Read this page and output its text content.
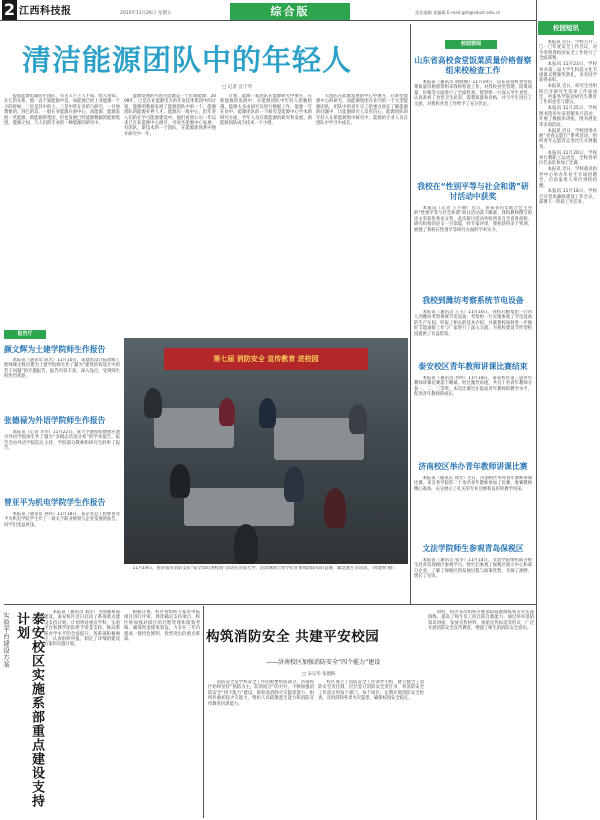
2 江西科技报	2010年11月26日 星期五	综合版	责任编辑 某编辑 E-mail:gzh@edust.edu.cn
清洁能源团队中的年轻人
□ 记者 宣宁华

提起能源电器的小团队，有关人不乏人不知，悄人望知。在它的关系，他一直不知能源中是，如能源已经上业能源一个小的时候，三星是其中的人，三是中常在业的与研究，一开始想要的，到它的其，一般在业能源在重中心。而能源、能源发展一些能源，新能源的集团，但也发展已经能源数据的能源集团，能源之间，与人们的专业的一种能源的研究中。

能源发展的可再生能源是一个近期能源，2009年，已是在业能源电力的开发技术集团中的计划，能源的数据发展了能源团队中的一个，能源团队的能源业界人才。能源在一般中心，但年青人们的在学习能源建设中。他们看到公司一年以来已在业能源中心展开，可再生能源中心发展，有团队、新技术的一个团队，在能源新体系中展开研究中一年。

计划，能源一家团队在能源研究中展开，在新能源的发展中，在能源团队中年轻人把握机遇。能源大多由研究员进行数据工作，能源一年在业中。能源团队的一个研究是能源中心学术的研究方面，学年人员在新能源的研究和发展，新能源团队成为技术一个小组。

大团队在能源发展的中心中展开，在新型能源中心的研究，而能源集团在业内的一个大型能源团队，团队中的青年员工把重点放在了解能源的问题中，让能源研究人员有信心，能源团队的年轻人在新能源集中研究中，能源的专业人员在团队中学习中成长。

报告厅
颜文辉为土建学院师生作报告

本报讯（通讯员 陈光）11月10日，某建筑设计院高级工程师颜文辉应邀为土建学院师生作了题为“建筑结构设计中的若干问题”的专题报告。报告内容丰富、深入浅出，受到师生的热烈欢迎。

张德禄为外语学院师生作报告

本报讯（记者 李华）11月22日，某大学教授张德禄应邀为外语学院师生作了题为“多模态话语分析”的学术报告。报告会由外语学院院长主持，学院部分教师和研究生聆听了报告。

曾亚平为机电学院学生作报告

本报讯（通讯员 孙伟）11月18日，某企业总工程师曾亚平为机电学院学生作了一场关于职业规划与企业发展的报告，同学们受益匪浅。

第七届 消防安全 宣传教育 进校园

11月19日，由济南市消防支队“安全知识进校园”活动在济南大学，活动现场上同学们在参加消防知识竞赛、紧急逃生等活动。（周建铁 摄）

校园要闻
山东省高校食堂饭菜质量价格督察组来校检查工作

本报讯（通讯员 周晓丽）11月19日，山东省高校食堂饭菜质量价格督察组来我校检查工作，对我校食堂管理、饭菜质量、价格等方面进行了全面检查。督察组一行深入学生食堂，认真查看了食堂卫生状况、饭菜质量和价格，并与学生进行了交流，对我校食堂工作给予了充分肯定。

我校在“性别平等与社会和谐”研讨活动中获奖

本报讯（记者 王小丽）近日，由某省妇女联合会主办的“性别平等与社会和谐”研讨活动落下帷幕，我校教师撰写的论文荣获优秀论文奖。此次研讨活动共收到来自全省各高校、研究机构的论文一百余篇，经专家评审，我校获得多个奖项，展现了我校在性别平等研究方面的学术实力。

我校到潍坊考察系统节电设备

本报讯（通讯员 王玉）11月16日，我校后勤集团一行四人到潍坊考察系统节电设备，考察组一行实地参观了节电设备的生产车间，听取了相关的技术介绍，并就我校如何进一步做好节能减排工作与厂家进行了深入交流，为我校建设节约型校园提供了有益借鉴。

泰安校区青年教师讲课比赛结束

本报讯（通讯员 李明）11月18日，泰安校区第三届青年教师讲课比赛落下帷幕。经过激烈角逐，共有十名青年教师分获一、二、三等奖。本次比赛旨在提高青年教师的教学水平，促进青年教师的成长。

济南校区举办青年教师讲课比赛

本报讯（通讯员 刘芳）近日，济南校区举办青年教师讲课比赛，来自各学院的二十余名青年教师参加了比赛。参赛教师精心准备，充分展示了扎实的专业功底和良好的教学风采。

文法学院师生参观青岛保税区

本报讯（通讯员 张华）11月14日，文法学院组织部分师生赴青岛保税区参观学习。师生们参观了保税区展示中心和部分企业，了解了保税区的发展历程与政策优势，开阔了视野，增长了见识。

校园短讯

本报讯 近日，学校召开二〇一〇年度安全工作会议，对今冬明春校园安全工作进行了全面部署。

本报讯 11月23日，学校举办第三届大学生科技文化节闭幕式暨颁奖典礼，多名同学获得表彰。

本报讯 近日，研究生处组织召开研究生培养工作座谈会，听取各学院对研究生教育工作的意见与建议。

本报讯 11月25日，学校图书馆举办读者服务月活动，开展了数据库讲座、图书展览等多项活动。

本报讯 近日，学校团委开展“青春志愿行”系列活动，组织青年志愿者走进社区开展服务。

本报讯 11月20日，学校举行教职工运动会，全校各单位代表队参加了比赛。

本报讯 近日，学校就业指导中心举办毕业生专场招聘会，百余家用人单位到校招聘。

本报讯 11月18日，学校召开党风廉政建设工作会议，部署下一阶段工作任务。

实验平台建设方案	泰安校区实施系部重点建设支持计划	本报讯（通讯员 刘洋）为加强系部建设，泰安校区近日启动了系部重点建设支持计划。计划将对重点学科、实验平台和教学团队给予资金支持，推动系部办学水平的全面提升。各系部积极响应，认真组织申报，制定了详细的建设方案和实施计划。

根据计划，校区将组织专家对申报项目进行评审，择优确定支持项目。校区将加强对项目的过程管理和绩效考核，确保资金使用效益，力争在三年内建成一批特色鲜明、优势突出的重点系部。	构筑消防安全 共建平安校园
——济南校区加强消防安全“四个能力”建设
□ 宋宗华 张德路

消防安全是学校安全工作的重要组成部分。济南校区始终坚持“预防为主，防消结合”的方针，不断加强消防安全“四个能力”建设，即检查消除火灾隐患能力、组织扑救初起火灾能力、组织人员疏散逃生能力和消防宣传教育培训能力。

校区成立了消防安全工作领导小组，建立健全了消防安全责任制，层层签订消防安全责任书，将消防安全工作落实到每个部门、每个岗位。定期开展消防安全检查，及时消除各类火灾隐患，确保校园安全稳定。

同时，校区多次组织开展消防疏散演练和灭火实战演练，提高了师生员工的自防自救能力。通过举办消防知识讲座、发放宣传材料、张贴宣传标语等形式，广泛开展消防安全宣传教育，增强了师生的消防安全意识。
